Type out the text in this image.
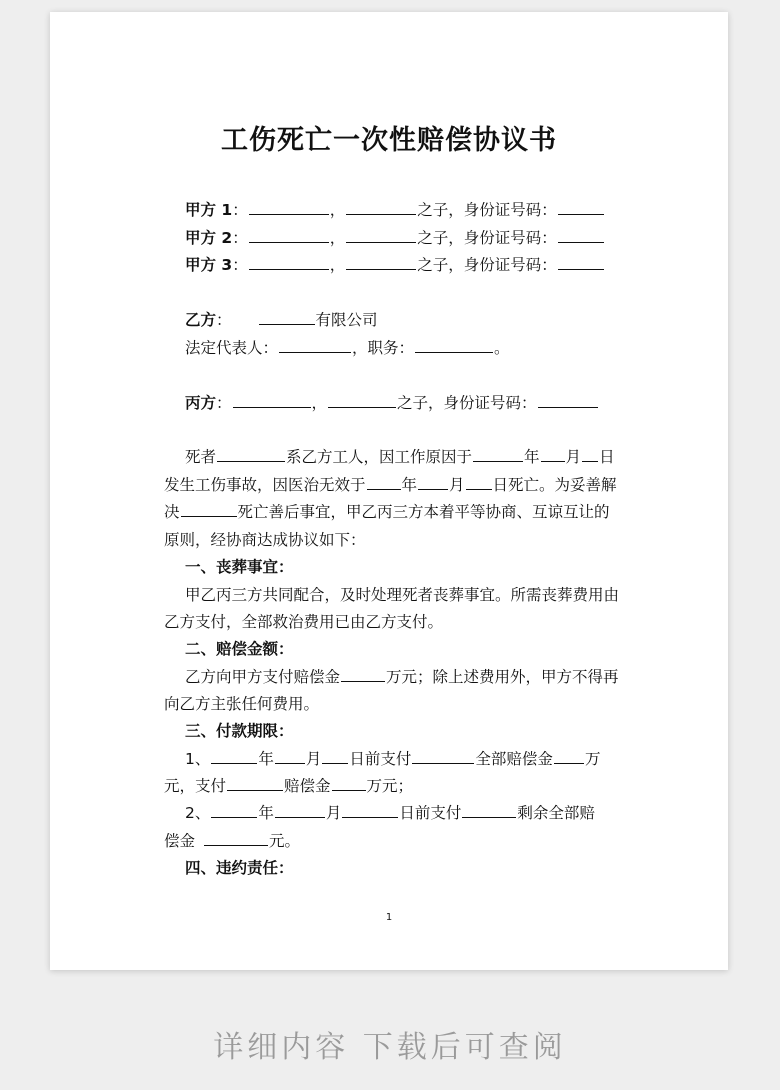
工伤死亡一次性赔偿协议书
甲方 1：	，	之子，身份证号码：
甲方 2：	，	之子，身份证号码：
甲方 3：	，	之子，身份证号码：
乙方：	有限公司
法定代表人：	，职务：	。
丙方：	，	之子，身份证号码：
死者	系乙方工人，因工作原因于	年 月 日
发生工伤事故，因医治无效于 年 月 日死亡。为妥善解
决	死亡善后事宜，甲乙丙三方本着平等协商、互谅互让的
原则，经协商达成协议如下：
一、丧葬事宜：
甲乙丙三方共同配合，及时处理死者丧葬事宜。所需丧葬费用由
乙方支付，全部救治费用已由乙方支付。
二、赔偿金额：
乙方向甲方支付赔偿金	万元；除上述费用外，甲方不得再
向乙方主张任何费用。
三、付款期限：
1、	年 月 日前支付	全部赔偿金 万
元，支付	赔偿金 万元；
2、	年	月	日前支付	剩余全部赔
偿金	元。
四、违约责任：
1
详细内容 下载后可查阅
